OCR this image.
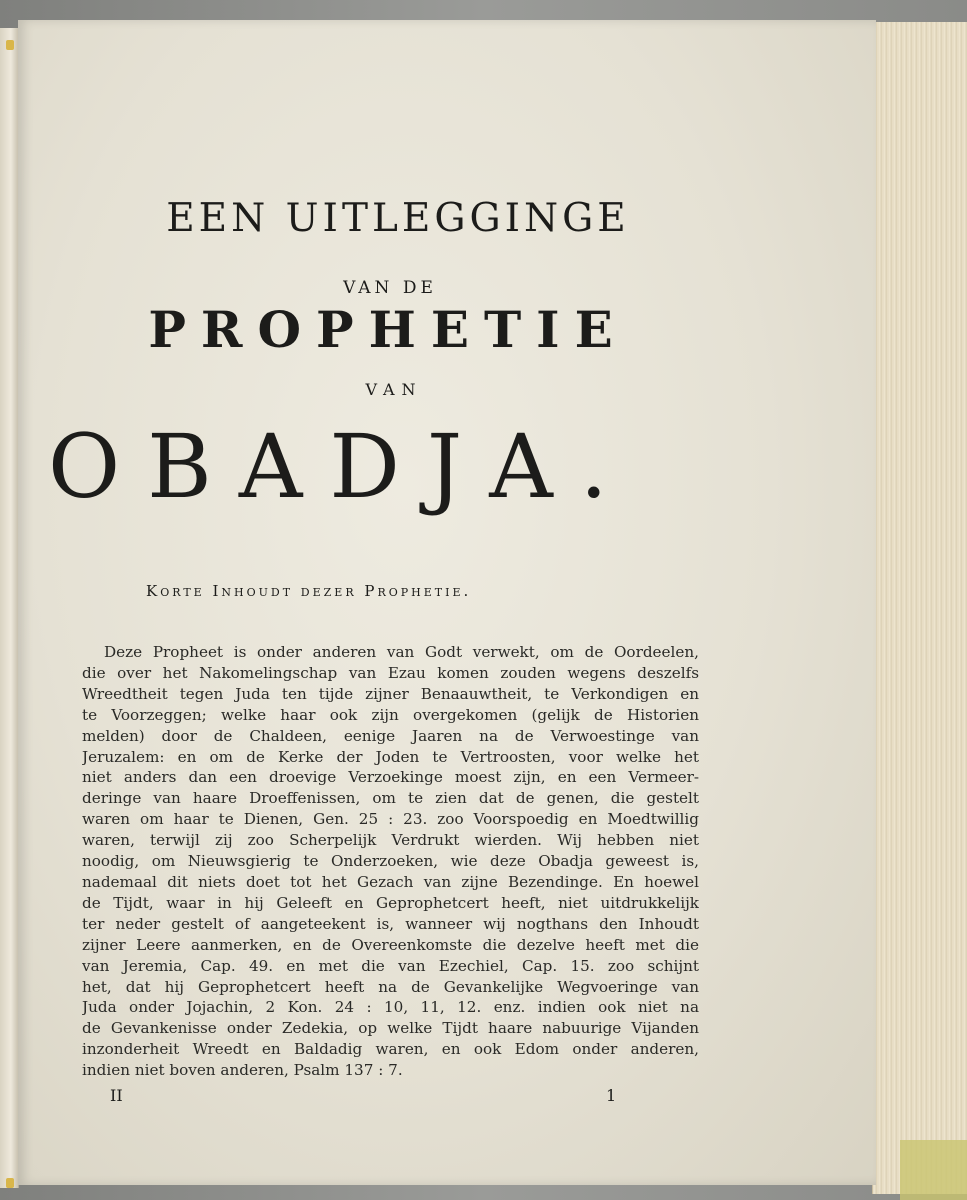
EEN UITLEGGINGE
VAN DE
PROPHETIE
VAN
OBADJA.
Korte Inhoudt dezer Prophetie.
Deze Propheet is onder anderen van Godt verwekt, om de Oordeelen,
die over het Nakomelingschap van Ezau komen zouden wegens deszelfs
Wreedtheit tegen Juda ten tijde zijner Benaauwtheit, te Verkondigen en
te Voorzeggen; welke haar ook zijn overgekomen (gelijk de Historien
melden) door de Chaldeen, eenige Jaaren na de Verwoestinge van
Jeruzalem: en om de Kerke der Joden te Vertroosten, voor welke het
niet anders dan een droevige Verzoekinge moest zijn, en een Vermeer-
deringe van haare Droeffenissen, om te zien dat de genen, die gestelt
waren om haar te Dienen, Gen. 25 : 23. zoo Voorspoedig en Moedtwillig
waren, terwijl zij zoo Scherpelijk Verdrukt wierden. Wij hebben niet
noodig, om Nieuwsgierig te Onderzoeken, wie deze Obadja geweest is,
nademaal dit niets doet tot het Gezach van zijne Bezendinge. En hoewel
de Tijdt, waar in hij Geleeft en Geprophetcert heeft, niet uitdrukkelijk
ter neder gestelt of aangeteekent is, wanneer wij nogthans den Inhoudt
zijner Leere aanmerken, en de Overeenkomste die dezelve heeft met die
van Jeremia, Cap. 49. en met die van Ezechiel, Cap. 15. zoo schijnt
het, dat hij Geprophetcert heeft na de Gevankelijke Wegvoeringe van
Juda onder Jojachin, 2 Kon. 24 : 10, 11, 12. enz. indien ook niet na
de Gevankenisse onder Zedekia, op welke Tijdt haare nabuurige Vijanden
inzonderheit Wreedt en Baldadig waren, en ook Edom onder anderen,
indien niet boven anderen, Psalm 137 : 7.
II	1
